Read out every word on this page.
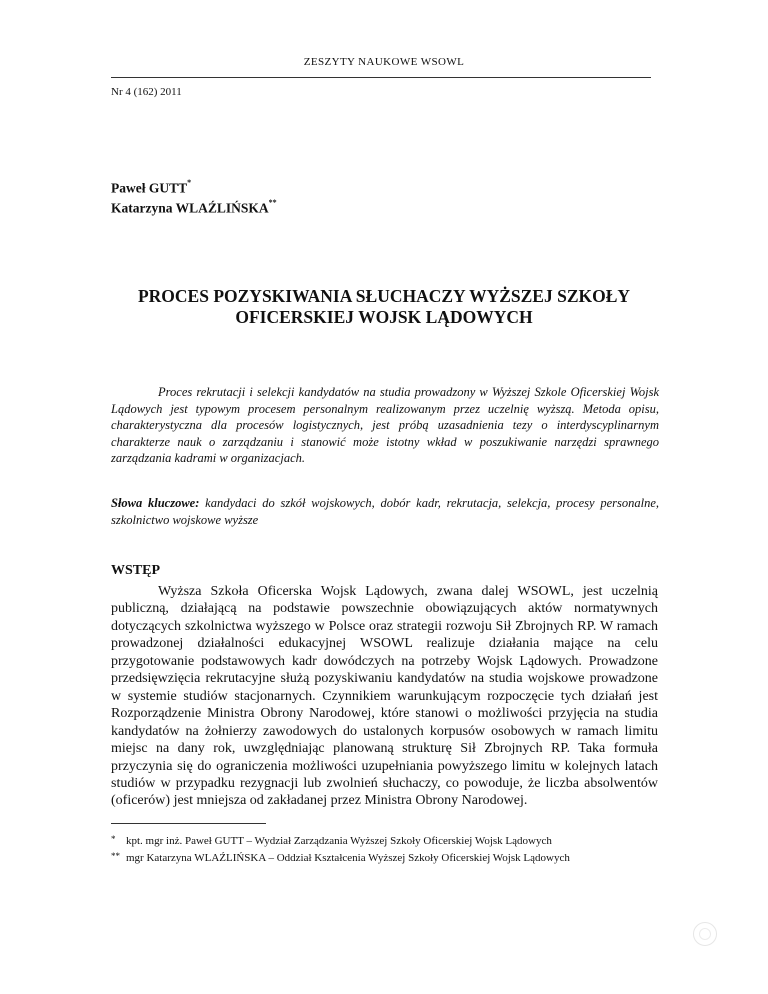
ZESZYTY NAUKOWE WSOWL
Nr 4 (162) 2011
Paweł GUTT*
Katarzyna WLAŹLIŃSKA**
PROCES POZYSKIWANIA SŁUCHACZY WYŻSZEJ SZKOŁY
OFICERSKIEJ WOJSK LĄDOWYCH

Proces rekrutacji i selekcji kandydatów na studia prowadzony w Wyższej Szkole Oficerskiej Wojsk Lądowych jest typowym procesem personalnym realizowanym przez uczelnię wyższą. Metoda opisu, charakterystyczna dla procesów logistycznych, jest próbą uzasadnienia tezy o interdyscyplinarnym charakterze nauk o zarządzaniu i stanowić może istotny wkład w poszukiwanie narzędzi sprawnego zarządzania kadrami w organizacjach.

Słowa kluczowe: kandydaci do szkół wojskowych, dobór kadr, rekrutacja, selekcja, procesy personalne, szkolnictwo wojskowe wyższe

WSTĘP

Wyższa Szkoła Oficerska Wojsk Lądowych, zwana dalej WSOWL, jest uczelnią publiczną, działającą na podstawie powszechnie obowiązujących aktów normatywnych dotyczących szkolnictwa wyższego w Polsce oraz strategii rozwoju Sił Zbrojnych RP. W ramach prowadzonej działalności edukacyjnej WSOWL realizuje działania mające na celu przygotowanie podstawowych kadr dowódczych na potrzeby Wojsk Lądowych. Prowadzone przedsięwzięcia rekrutacyjne służą pozyskiwaniu kandydatów na studia wojskowe prowadzone w systemie studiów stacjonarnych. Czynnikiem warunkującym rozpoczęcie tych działań jest Rozporządzenie Ministra Obrony Narodowej, które stanowi o możliwości przyjęcia na studia kandydatów na żołnierzy zawodowych do ustalonych korpusów osobowych w ramach limitu miejsc na dany rok, uwzględniając planowaną strukturę Sił Zbrojnych RP. Taka formuła przyczynia się do ograniczenia możliwości uzupełniania powyższego limitu w kolejnych latach studiów w przypadku rezygnacji lub zwolnień słuchaczy, co powoduje, że liczba absolwentów (oficerów) jest mniejsza od zakładanej przez Ministra Obrony Narodowej.

* kpt. mgr inż. Paweł GUTT – Wydział Zarządzania Wyższej Szkoły Oficerskiej Wojsk Lądowych
** mgr Katarzyna WLAŹLIŃSKA – Oddział Kształcenia Wyższej Szkoły Oficerskiej Wojsk Lądowych
